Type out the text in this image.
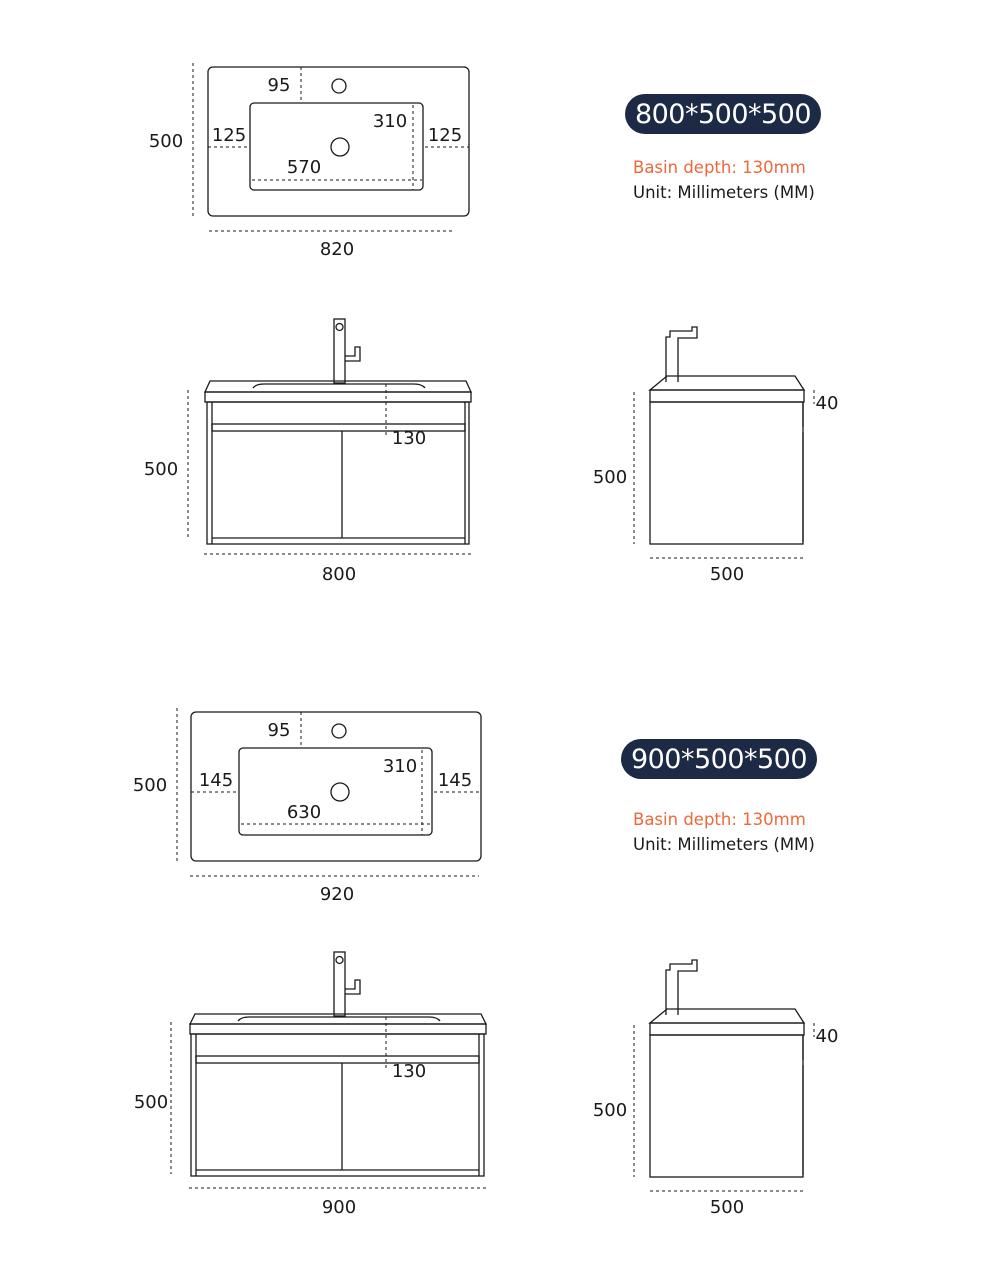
800*500*500
Basin depth: 130mm
Unit: Millimeters (MM)
900*500*500
Basin depth: 130mm
Unit: Millimeters (MM)
500
95
310
125	125
570
820
500
130
800
500
40
500
500
95
310
145	145
630
920
500
130
900
500
40
500
